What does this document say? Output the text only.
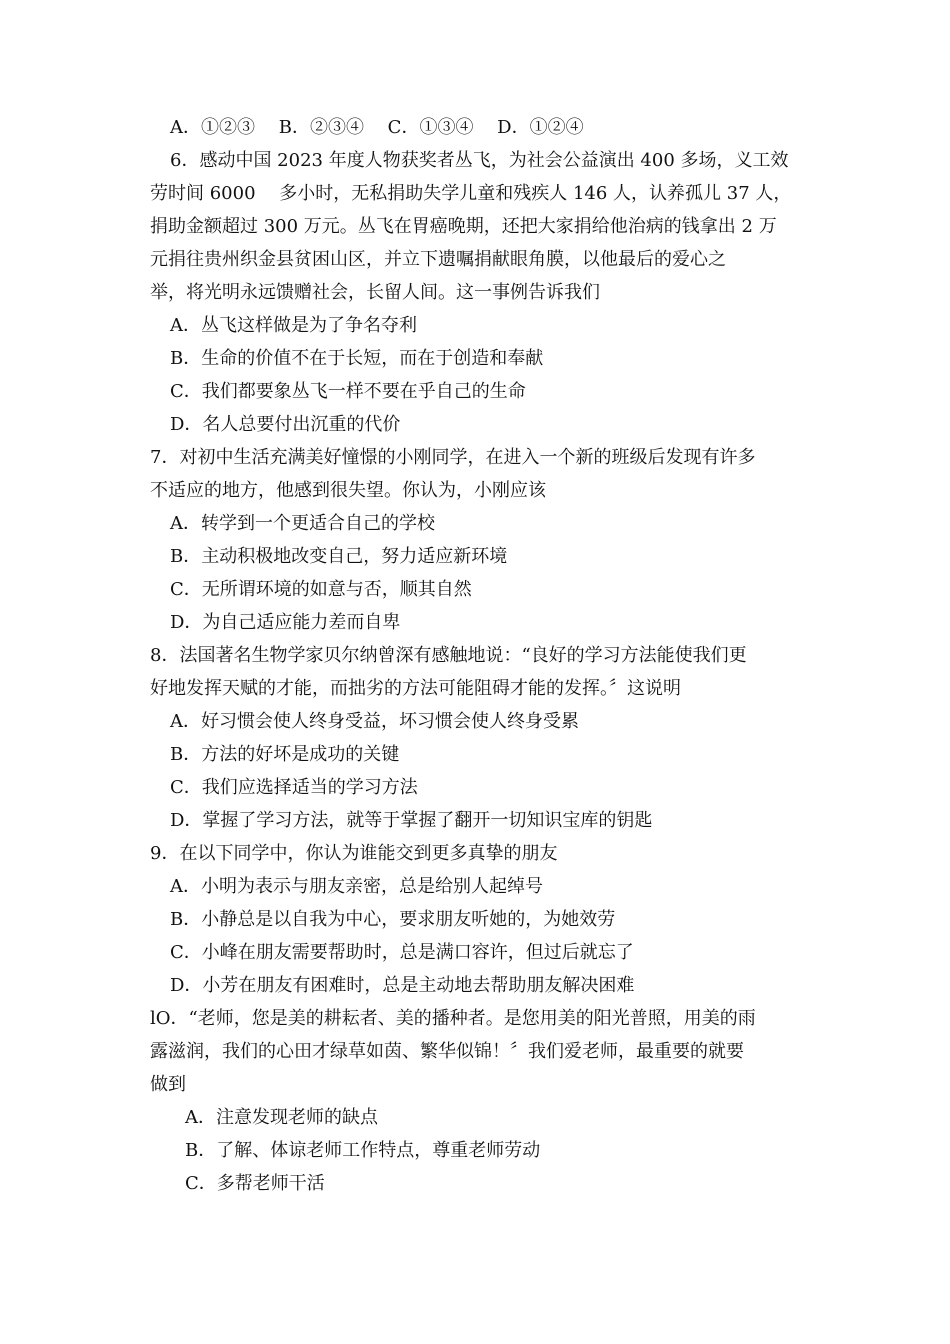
A．①②③ 　B．②③④ 　C．①③④ 　D．①②④
6．感动中国 2023 年度人物获奖者丛飞，为社会公益演出 400 多场，义工效
劳时间 6000　 多小时，无私捐助失学儿童和残疾人 146 人，认养孤儿 37 人，
捐助金额超过 300 万元。丛飞在胃癌晚期，还把大家捐给他治病的钱拿出 2 万
元捐往贵州织金县贫困山区，并立下遗嘱捐献眼角膜，以他最后的爱心之
举，将光明永远馈赠社会，长留人间。这一事例告诉我们
A．丛飞这样做是为了争名夺利
B．生命的价值不在于长短，而在于创造和奉献
C．我们都要象丛飞一样不要在乎自己的生命
D．名人总要付出沉重的代价
7．对初中生活充满美好憧憬的小刚同学，在进入一个新的班级后发现有许多
不适应的地方，他感到很失望。你认为，小刚应该
A．转学到一个更适合自己的学校
B．主动积极地改变自己，努力适应新环境
C．无所谓环境的如意与否，顺其自然
D．为自己适应能力差而自卑
8．法国著名生物学家贝尔纳曾深有感触地说：“良好的学习方法能使我们更
好地发挥天赋的才能，而拙劣的方法可能阻碍才能的发挥。〞这说明
A．好习惯会使人终身受益，坏习惯会使人终身受累
B．方法的好坏是成功的关键
C．我们应选择适当的学习方法
D．掌握了学习方法，就等于掌握了翻开一切知识宝库的钥匙
9．在以下同学中，你认为谁能交到更多真挚的朋友
A．小明为表示与朋友亲密，总是给别人起绰号
B．小静总是以自我为中心，要求朋友听她的，为她效劳
C．小峰在朋友需要帮助时，总是满口容许，但过后就忘了
D．小芳在朋友有困难时，总是主动地去帮助朋友解决困难
lO．“老师，您是美的耕耘者、美的播种者。是您用美的阳光普照，用美的雨
露滋润，我们的心田才绿草如茵、繁华似锦！〞我们爱老师，最重要的就要
做到
A．注意发现老师的缺点
B．了解、体谅老师工作特点，尊重老师劳动
C．多帮老师干活
